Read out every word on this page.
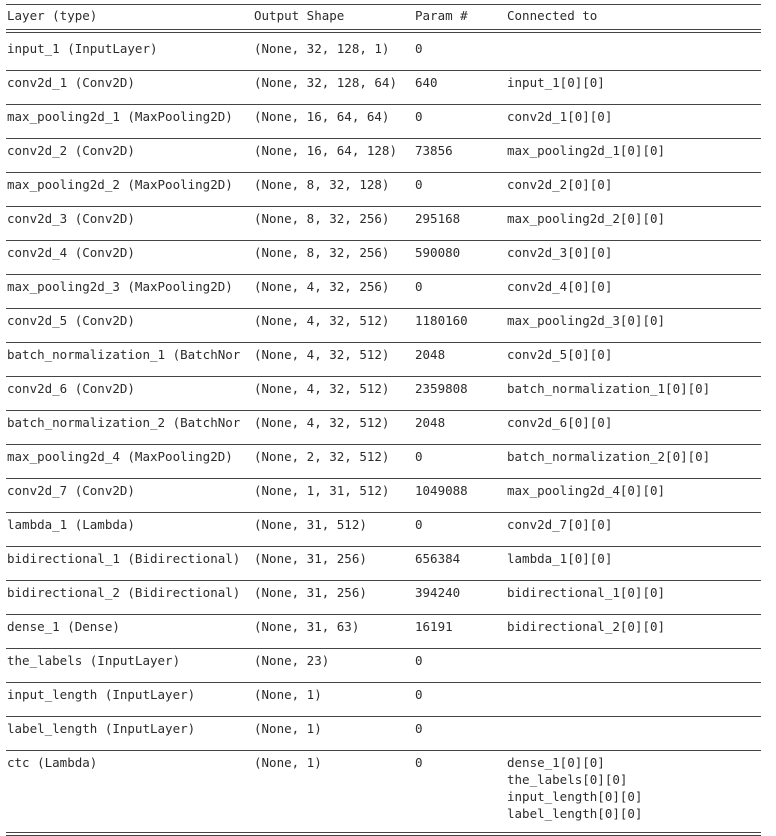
Layer (type)	Output Shape	Param #	Connected to
input_1 (InputLayer)	(None, 32, 128, 1)	0
conv2d_1 (Conv2D)	(None, 32, 128, 64)	640	input_1[0][0]
max_pooling2d_1 (MaxPooling2D)	(None, 16, 64, 64)	0	conv2d_1[0][0]
conv2d_2 (Conv2D)	(None, 16, 64, 128)	73856	max_pooling2d_1[0][0]
max_pooling2d_2 (MaxPooling2D)	(None, 8, 32, 128)	0	conv2d_2[0][0]
conv2d_3 (Conv2D)	(None, 8, 32, 256)	295168	max_pooling2d_2[0][0]
conv2d_4 (Conv2D)	(None, 8, 32, 256)	590080	conv2d_3[0][0]
max_pooling2d_3 (MaxPooling2D)	(None, 4, 32, 256)	0	conv2d_4[0][0]
conv2d_5 (Conv2D)	(None, 4, 32, 512)	1180160	max_pooling2d_3[0][0]
batch_normalization_1 (BatchNor	(None, 4, 32, 512)	2048	conv2d_5[0][0]
conv2d_6 (Conv2D)	(None, 4, 32, 512)	2359808	batch_normalization_1[0][0]
batch_normalization_2 (BatchNor	(None, 4, 32, 512)	2048	conv2d_6[0][0]
max_pooling2d_4 (MaxPooling2D)	(None, 2, 32, 512)	0	batch_normalization_2[0][0]
conv2d_7 (Conv2D)	(None, 1, 31, 512)	1049088	max_pooling2d_4[0][0]
lambda_1 (Lambda)	(None, 31, 512)	0	conv2d_7[0][0]
bidirectional_1 (Bidirectional)	(None, 31, 256)	656384	lambda_1[0][0]
bidirectional_2 (Bidirectional)	(None, 31, 256)	394240	bidirectional_1[0][0]
dense_1 (Dense)	(None, 31, 63)	16191	bidirectional_2[0][0]
the_labels (InputLayer)	(None, 23)	0
input_length (InputLayer)	(None, 1)	0
label_length (InputLayer)	(None, 1)	0
ctc (Lambda)	(None, 1)	0	dense_1[0][0]
the_labels[0][0]
input_length[0][0]
label_length[0][0]
